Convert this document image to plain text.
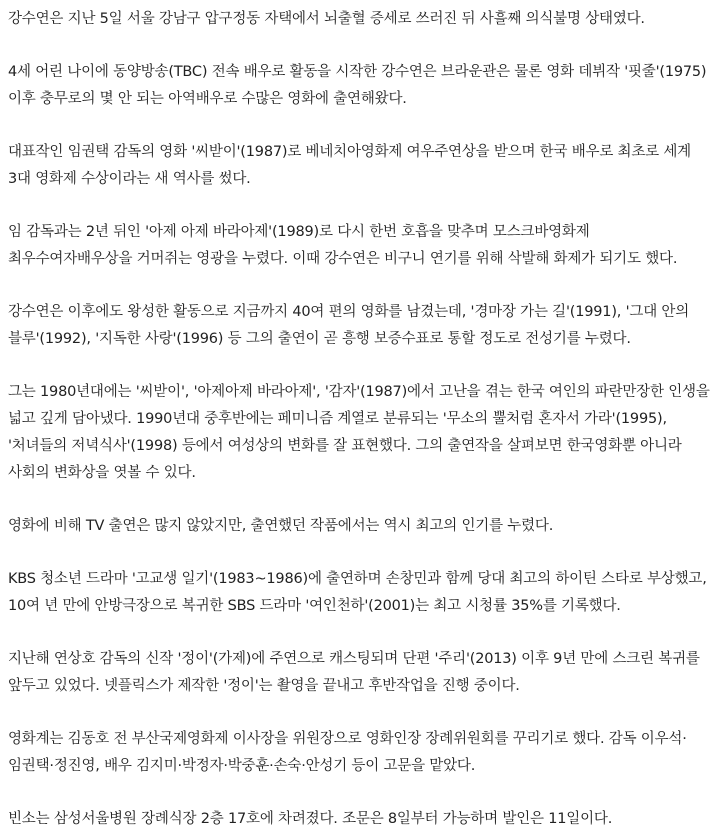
강수연은 지난 5일 서울 강남구 압구정동 자택에서 뇌출혈 증세로 쓰러진 뒤 사흘째 의식불명 상태였다.

4세 어린 나이에 동양방송(TBC) 전속 배우로 활동을 시작한 강수연은 브라운관은 물론 영화 데뷔작 '핏줄'(1975) 이후 충무로의 몇 안 되는 아역배우로 수많은 영화에 출연해왔다.

대표작인 임권택 감독의 영화 '씨받이'(1987)로 베네치아영화제 여우주연상을 받으며 한국 배우로 최초로 세계 3대 영화제 수상이라는 새 역사를 썼다.

임 감독과는 2년 뒤인 '아제 아제 바라아제'(1989)로 다시 한번 호흡을 맞추며 모스크바영화제 최우수여자배우상을 거머쥐는 영광을 누렸다. 이때 강수연은 비구니 연기를 위해 삭발해 화제가 되기도 했다.

강수연은 이후에도 왕성한 활동으로 지금까지 40여 편의 영화를 남겼는데, '경마장 가는 길'(1991), '그대 안의 블루'(1992), '지독한 사랑'(1996) 등 그의 출연이 곧 흥행 보증수표로 통할 정도로 전성기를 누렸다.

그는 1980년대에는 '씨받이', '아제아제 바라아제', '감자'(1987)에서 고난을 겪는 한국 여인의 파란만장한 인생을 넓고 깊게 담아냈다. 1990년대 중후반에는 페미니즘 계열로 분류되는 '무소의 뿔처럼 혼자서 가라'(1995), '처녀들의 저녁식사'(1998) 등에서 여성상의 변화를 잘 표현했다. 그의 출연작을 살펴보면 한국영화뿐 아니라 사회의 변화상을 엿볼 수 있다.

영화에 비해 TV 출연은 많지 않았지만, 출연했던 작품에서는 역시 최고의 인기를 누렸다.

KBS 청소년 드라마 '고교생 일기'(1983~1986)에 출연하며 손창민과 함께 당대 최고의 하이틴 스타로 부상했고, 10여 년 만에 안방극장으로 복귀한 SBS 드라마 '여인천하'(2001)는 최고 시청률 35%를 기록했다.

지난해 연상호 감독의 신작 '정이'(가제)에 주연으로 캐스팅되며 단편 '주리'(2013) 이후 9년 만에 스크린 복귀를 앞두고 있었다. 넷플릭스가 제작한 '정이'는 촬영을 끝내고 후반작업을 진행 중이다.

영화계는 김동호 전 부산국제영화제 이사장을 위원장으로 영화인장 장례위원회를 꾸리기로 했다. 감독 이우석·임권택·정진영, 배우 김지미·박정자·박중훈·손숙·안성기 등이 고문을 맡았다.

빈소는 삼성서울병원 장례식장 2층 17호에 차려졌다. 조문은 8일부터 가능하며 발인은 11일이다.
